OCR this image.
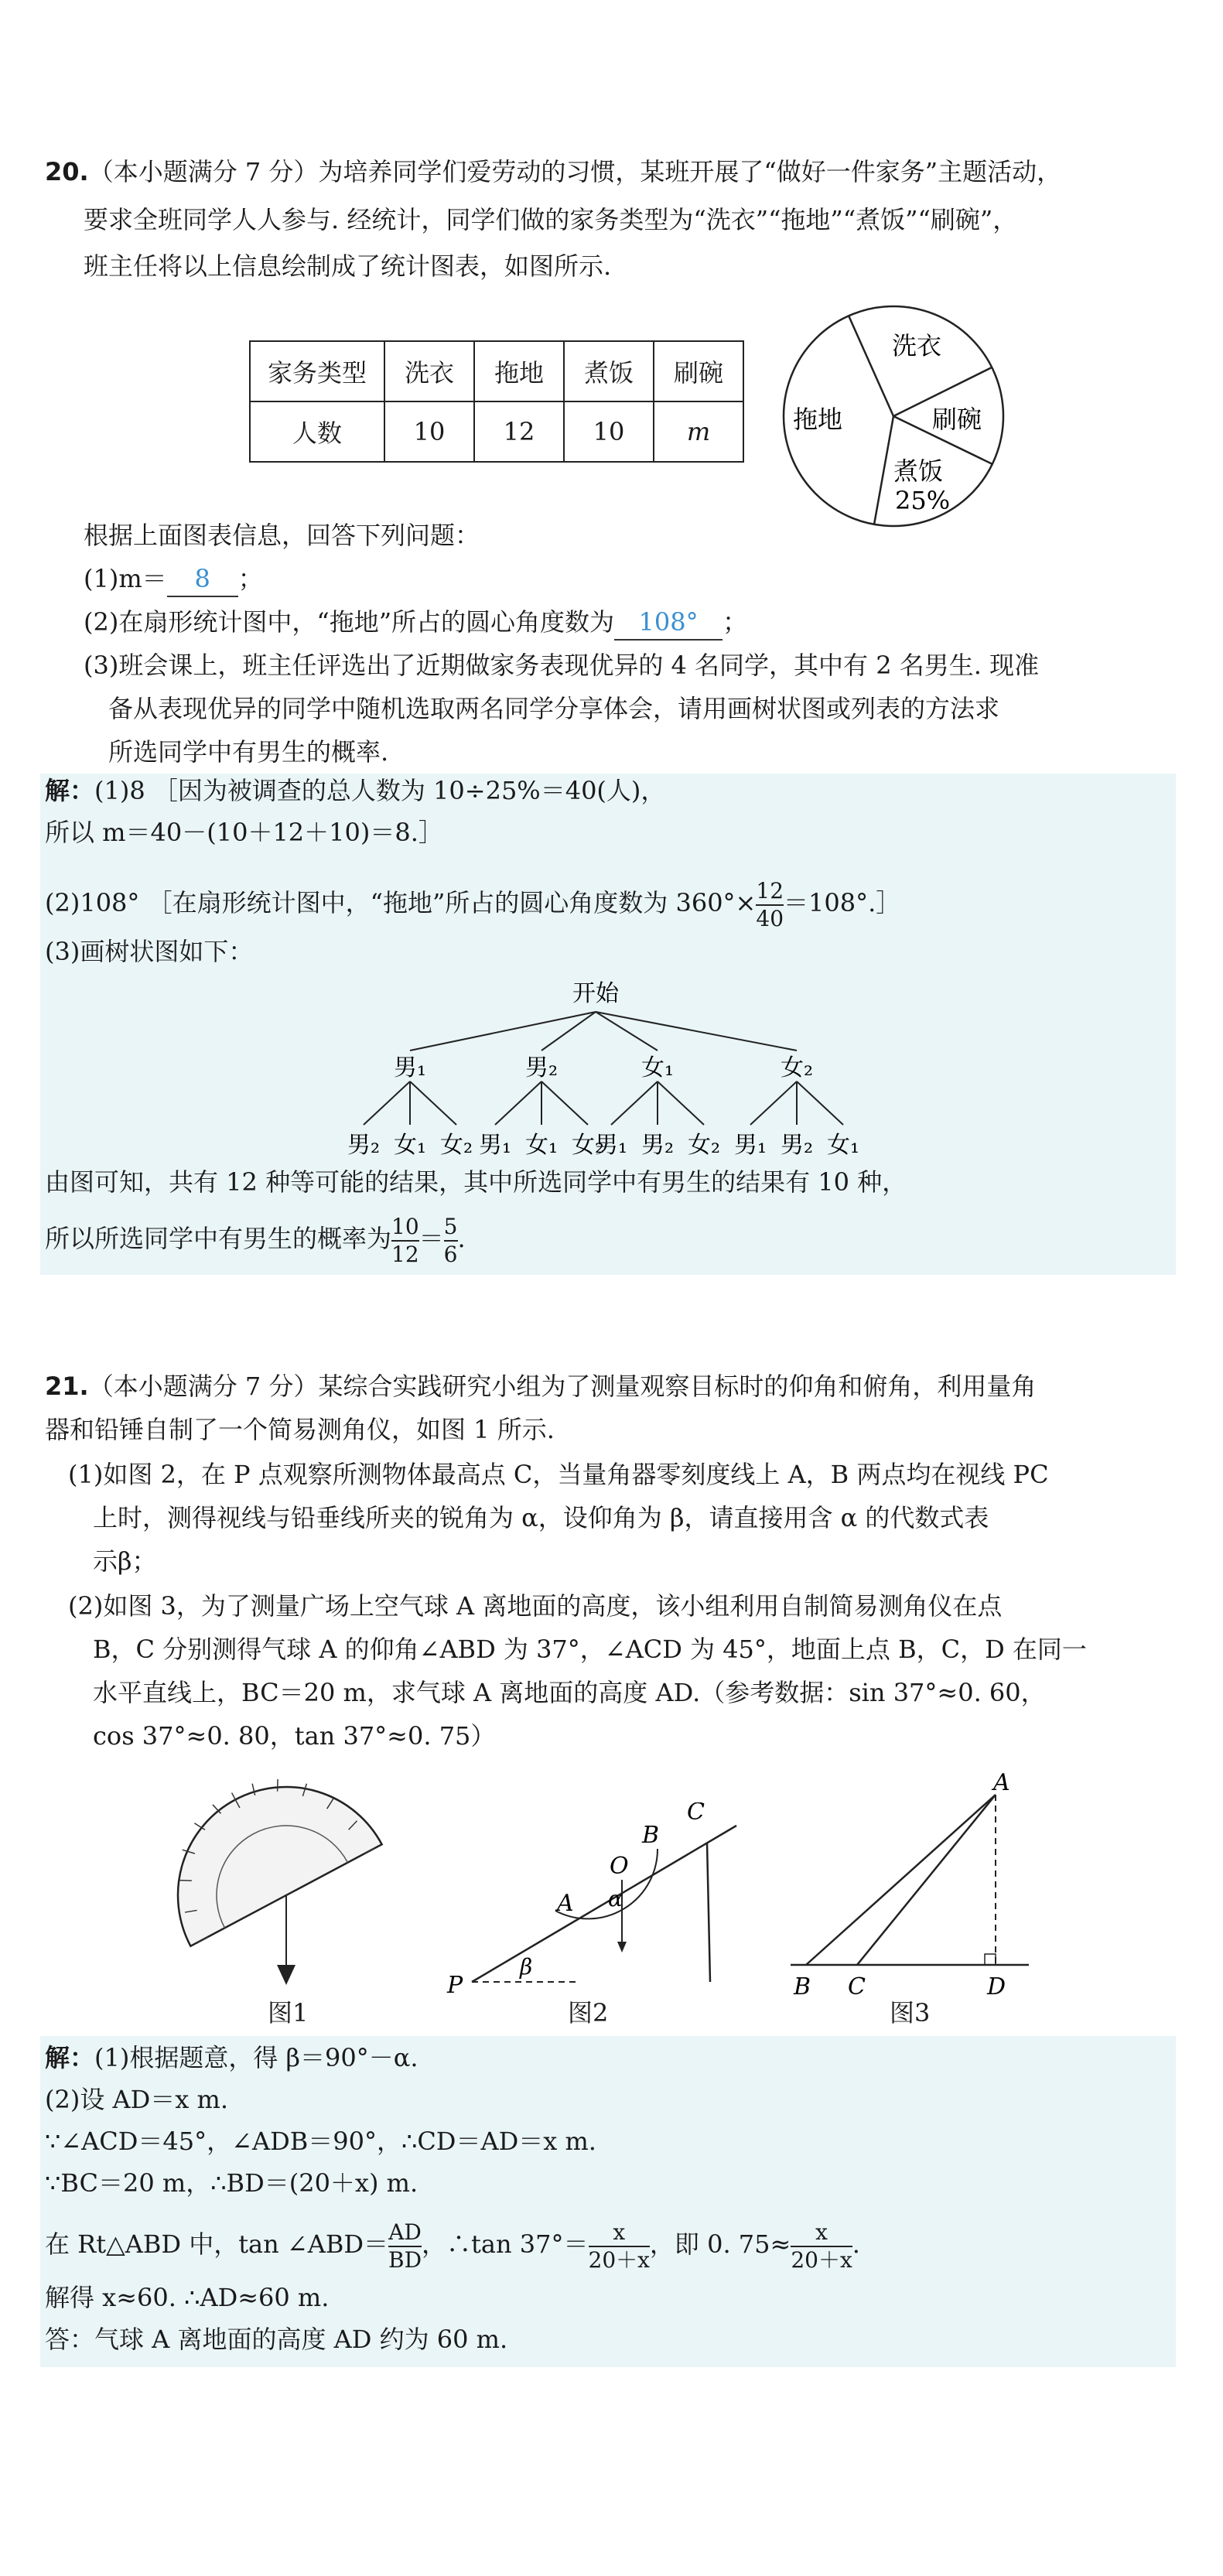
20.（本小题满分 7 分）为培养同学们爱劳动的习惯，某班开展了“做好一件家务”主题活动，
要求全班同学人人参与. 经统计，同学们做的家务类型为“洗衣”“拖地”“煮饭”“刷碗”，
班主任将以上信息绘制成了统计图表，如图所示.
家务类型	洗衣	拖地	煮饭	刷碗
人数	10	12	10	m
洗衣
刷碗
煮饭
25%
拖地
根据上面图表信息，回答下列问题：
(1)m＝ 8 ；
(2)在扇形统计图中，“拖地”所占的圆心角度数为 108° ；
(3)班会课上，班主任评选出了近期做家务表现优异的 4 名同学，其中有 2 名男生. 现准
备从表现优异的同学中随机选取两名同学分享体会，请用画树状图或列表的方法求
所选同学中有男生的概率.
解：(1)8 ［因为被调查的总人数为 10÷25%＝40(人)，
所以 m＝40－(10＋12＋10)＝8.］
(2)108° ［在扇形统计图中，“拖地”所占的圆心角度数为 $360^\circ\times \frac{12}{40}$ ＝108°.］
(3)画树状图如下：
开始
男₁	男₂	女₁	女₂
男₂ 女₁ 女₂ 男₁ 女₁ 女₂
男₁ 男₂ 女₂ 男₁ 男₂ 女₁
由图可知，共有 12 种等可能的结果，其中所选同学中有男生的结果有 10 种，
所以所选同学中有男生的概率为 $\frac{10}{12} = \frac{5}{6}$ .
21.（本小题满分 7 分）某综合实践研究小组为了测量观察目标时的仰角和俯角，利用量角
器和铅锤自制了一个简易测角仪，如图 1 所示.
(1)如图 2，在 P 点观察所测物体最高点 C，当量角器零刻度线上 A，B 两点均在视线 PC
上时，测得视线与铅垂线所夹的锐角为 α，设仰角为 β，请直接用含 α 的代数式表
示β；
(2)如图 3，为了测量广场上空气球 A 离地面的高度，该小组利用自制简易测角仪在点
B，C 分别测得气球 A 的仰角∠ABD 为 37°，∠ACD 为 45°，地面上点 B，C，D 在同一
水平直线上，BC＝20 m，求气球 A 离地面的高度 AD.（参考数据：sin 37°≈0. 60，
cos 37°≈0. 80，tan 37°≈0. 75）
图1
P
A
B
C
O
α
β
图2
A
B C	D
图3
解：(1)根据题意，得 β＝90°－α.
(2)设 AD＝x m.
∵∠ACD＝45°，∠ADB＝90°，∴CD＝AD＝x m.
∵BC＝20 m，∴BD＝(20＋x) m.
在 Rt△ABD 中，tan ∠ABD＝ $\frac{AD}{BD}$ ，∴tan $37^\circ= \frac{x}{20+x}$ ，即 0. $75\approx \frac{x}{20+x}$ .
解得 x≈60. ∴AD≈60 m.
答：气球 A 离地面的高度 AD 约为 60 m.
